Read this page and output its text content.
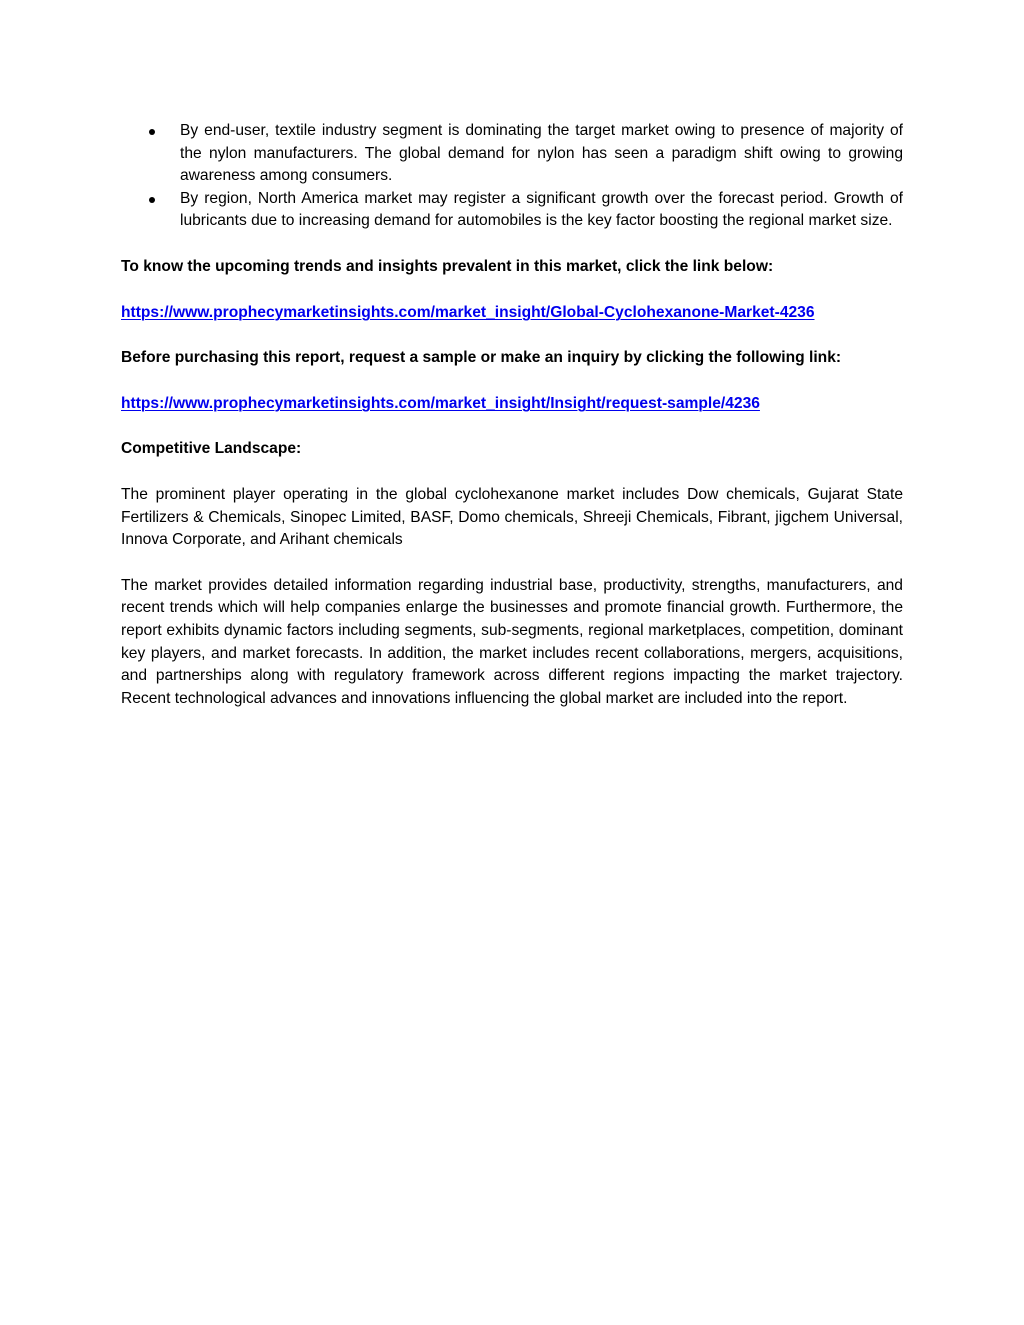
By end-user, textile industry segment is dominating the target market owing to presence of majority of the nylon manufacturers. The global demand for nylon has seen a paradigm shift owing to growing awareness among consumers.
By region, North America market may register a significant growth over the forecast period. Growth of lubricants due to increasing demand for automobiles is the key factor boosting the regional market size.

To know the upcoming trends and insights prevalent in this market, click the link below:

https://www.prophecymarketinsights.com/market_insight/Global-Cyclohexanone-Market-4236

Before purchasing this report, request a sample or make an inquiry by clicking the following link:

https://www.prophecymarketinsights.com/market_insight/Insight/request-sample/4236

Competitive Landscape:

The prominent player operating in the global cyclohexanone market includes Dow chemicals, Gujarat State Fertilizers & Chemicals, Sinopec Limited, BASF, Domo chemicals, Shreeji Chemicals, Fibrant, jigchem Universal, Innova Corporate, and Arihant chemicals

The market provides detailed information regarding industrial base, productivity, strengths, manufacturers, and recent trends which will help companies enlarge the businesses and promote financial growth. Furthermore, the report exhibits dynamic factors including segments, sub-segments, regional marketplaces, competition, dominant key players, and market forecasts. In addition, the market includes recent collaborations, mergers, acquisitions, and partnerships along with regulatory framework across different regions impacting the market trajectory. Recent technological advances and innovations influencing the global market are included into the report.
